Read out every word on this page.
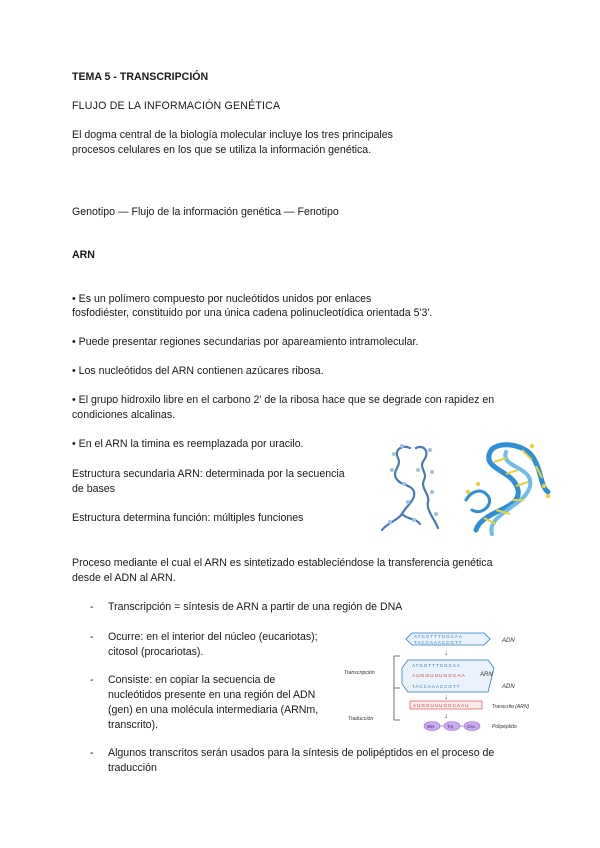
TEMA 5 - TRANSCRIPCIÓN
FLUJO DE LA INFORMACIÓN GENÉTICA
El dogma central de la biología molecular incluye los tres principales
procesos celulares en los que se utiliza la información genética.
Genotipo — Flujo de la información genética — Fenotipo
ARN
• Es un polímero compuesto por nucleótidos unidos por enlaces
fosfodiéster, constituido por una única cadena polinucleotídica orientada 5'3'.
• Puede presentar regiones secundarias por apareamiento intramolecular.
• Los nucleótidos del ARN contienen azúcares ribosa.
• El grupo hidroxilo libre en el carbono 2' de la ribosa hace que se degrade con rapidez en
condiciones alcalinas.
• En el ARN la timina es reemplazada por uracilo.
Estructura secundaria ARN: determinada por la secuencia
de bases
Estructura determina función: múltiples funciones
Proceso mediante el cual el ARN es sintetizado estableciéndose la transferencia genética
desde el ADN al ARN.
- Transcripción = síntesis de ARN a partir de una región de DNA
- Ocurre: en el interior del núcleo (eucariotas);
citosol (procariotas).
- Consiste: en copiar la secuencia de
nucleótidos presente en una región del ADN
(gen) en una molécula intermediaria (ARNm,
transcrito).
- Algunos transcritos serán usados para la síntesis de polipéptidos en el proceso de
traducción
Transcripción
Traducción
ATGGTTTGGCAA
TACCAAACCGTT	ADN
↓
ATGGTTTGGCAA
AUGGUUUGGCAA
TACCAAACCGTT
ARN
ADN
↓
AUGGUUUGGCAAU	Transcrito (ARN)
↓
Met	Trp	Gan	Polipéptido
